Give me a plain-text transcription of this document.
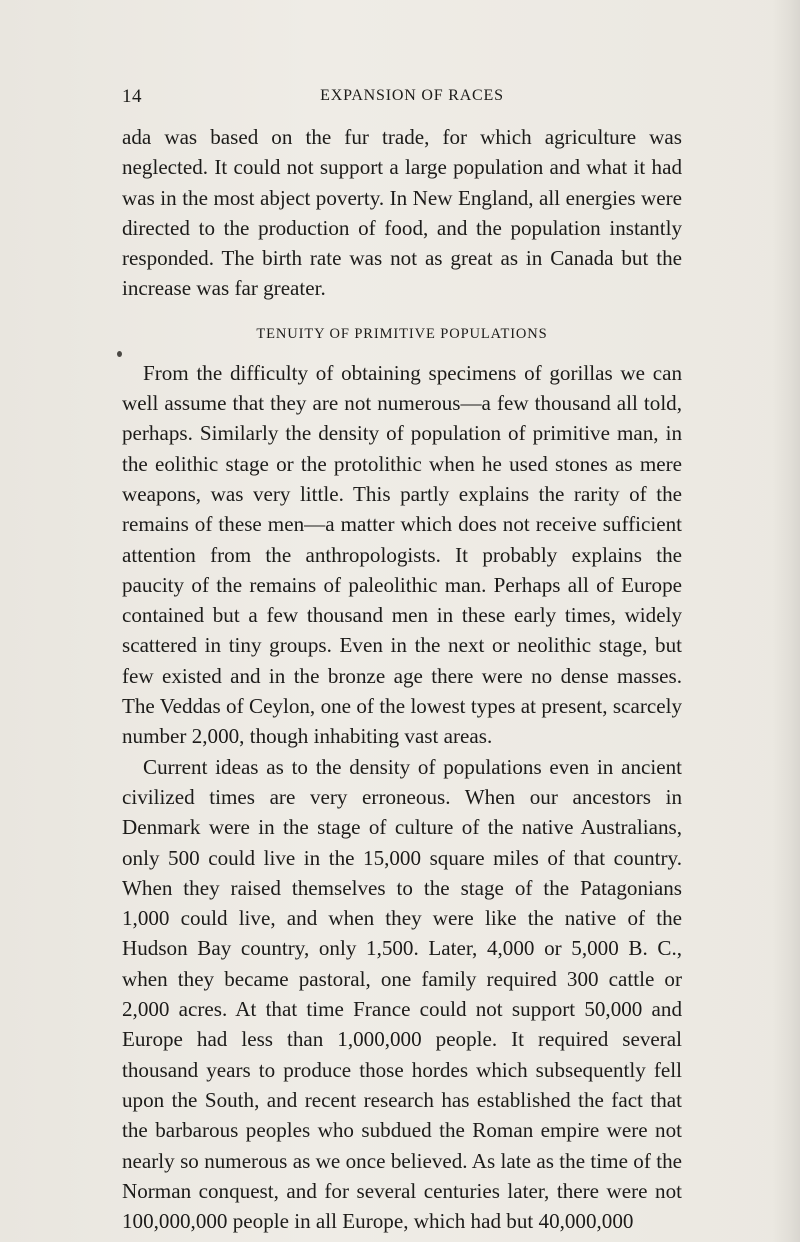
14	EXPANSION OF RACES

ada was based on the fur trade, for which agriculture was neglected. It could not support a large population and what it had was in the most abject poverty. In New England, all energies were directed to the production of food, and the population instantly responded. The birth rate was not as great as in Canada but the increase was far greater.

TENUITY OF PRIMITIVE POPULATIONS

From the difficulty of obtaining specimens of gorillas we can well assume that they are not numerous—a few thousand all told, perhaps. Similarly the density of population of primitive man, in the eolithic stage or the protolithic when he used stones as mere weapons, was very little. This partly explains the rarity of the remains of these men—a matter which does not receive sufficient attention from the anthropologists. It probably explains the paucity of the remains of paleolithic man. Perhaps all of Europe contained but a few thousand men in these early times, widely scattered in tiny groups. Even in the next or neolithic stage, but few existed and in the bronze age there were no dense masses. The Veddas of Ceylon, one of the lowest types at present, scarcely number 2,000, though inhabiting vast areas.

Current ideas as to the density of populations even in ancient civilized times are very erroneous. When our ancestors in Denmark were in the stage of culture of the native Australians, only 500 could live in the 15,000 square miles of that country. When they raised themselves to the stage of the Patagonians 1,000 could live, and when they were like the native of the Hudson Bay country, only 1,500. Later, 4,000 or 5,000 B. C., when they became pastoral, one family required 300 cattle or 2,000 acres. At that time France could not support 50,000 and Europe had less than 1,000,000 people. It required several thousand years to produce those hordes which subsequently fell upon the South, and recent research has established the fact that the barbarous peoples who subdued the Roman empire were not nearly so numerous as we once believed. As late as the time of the Norman conquest, and for several centuries later, there were not 100,000,000 people in all Europe, which had but 40,000,000
